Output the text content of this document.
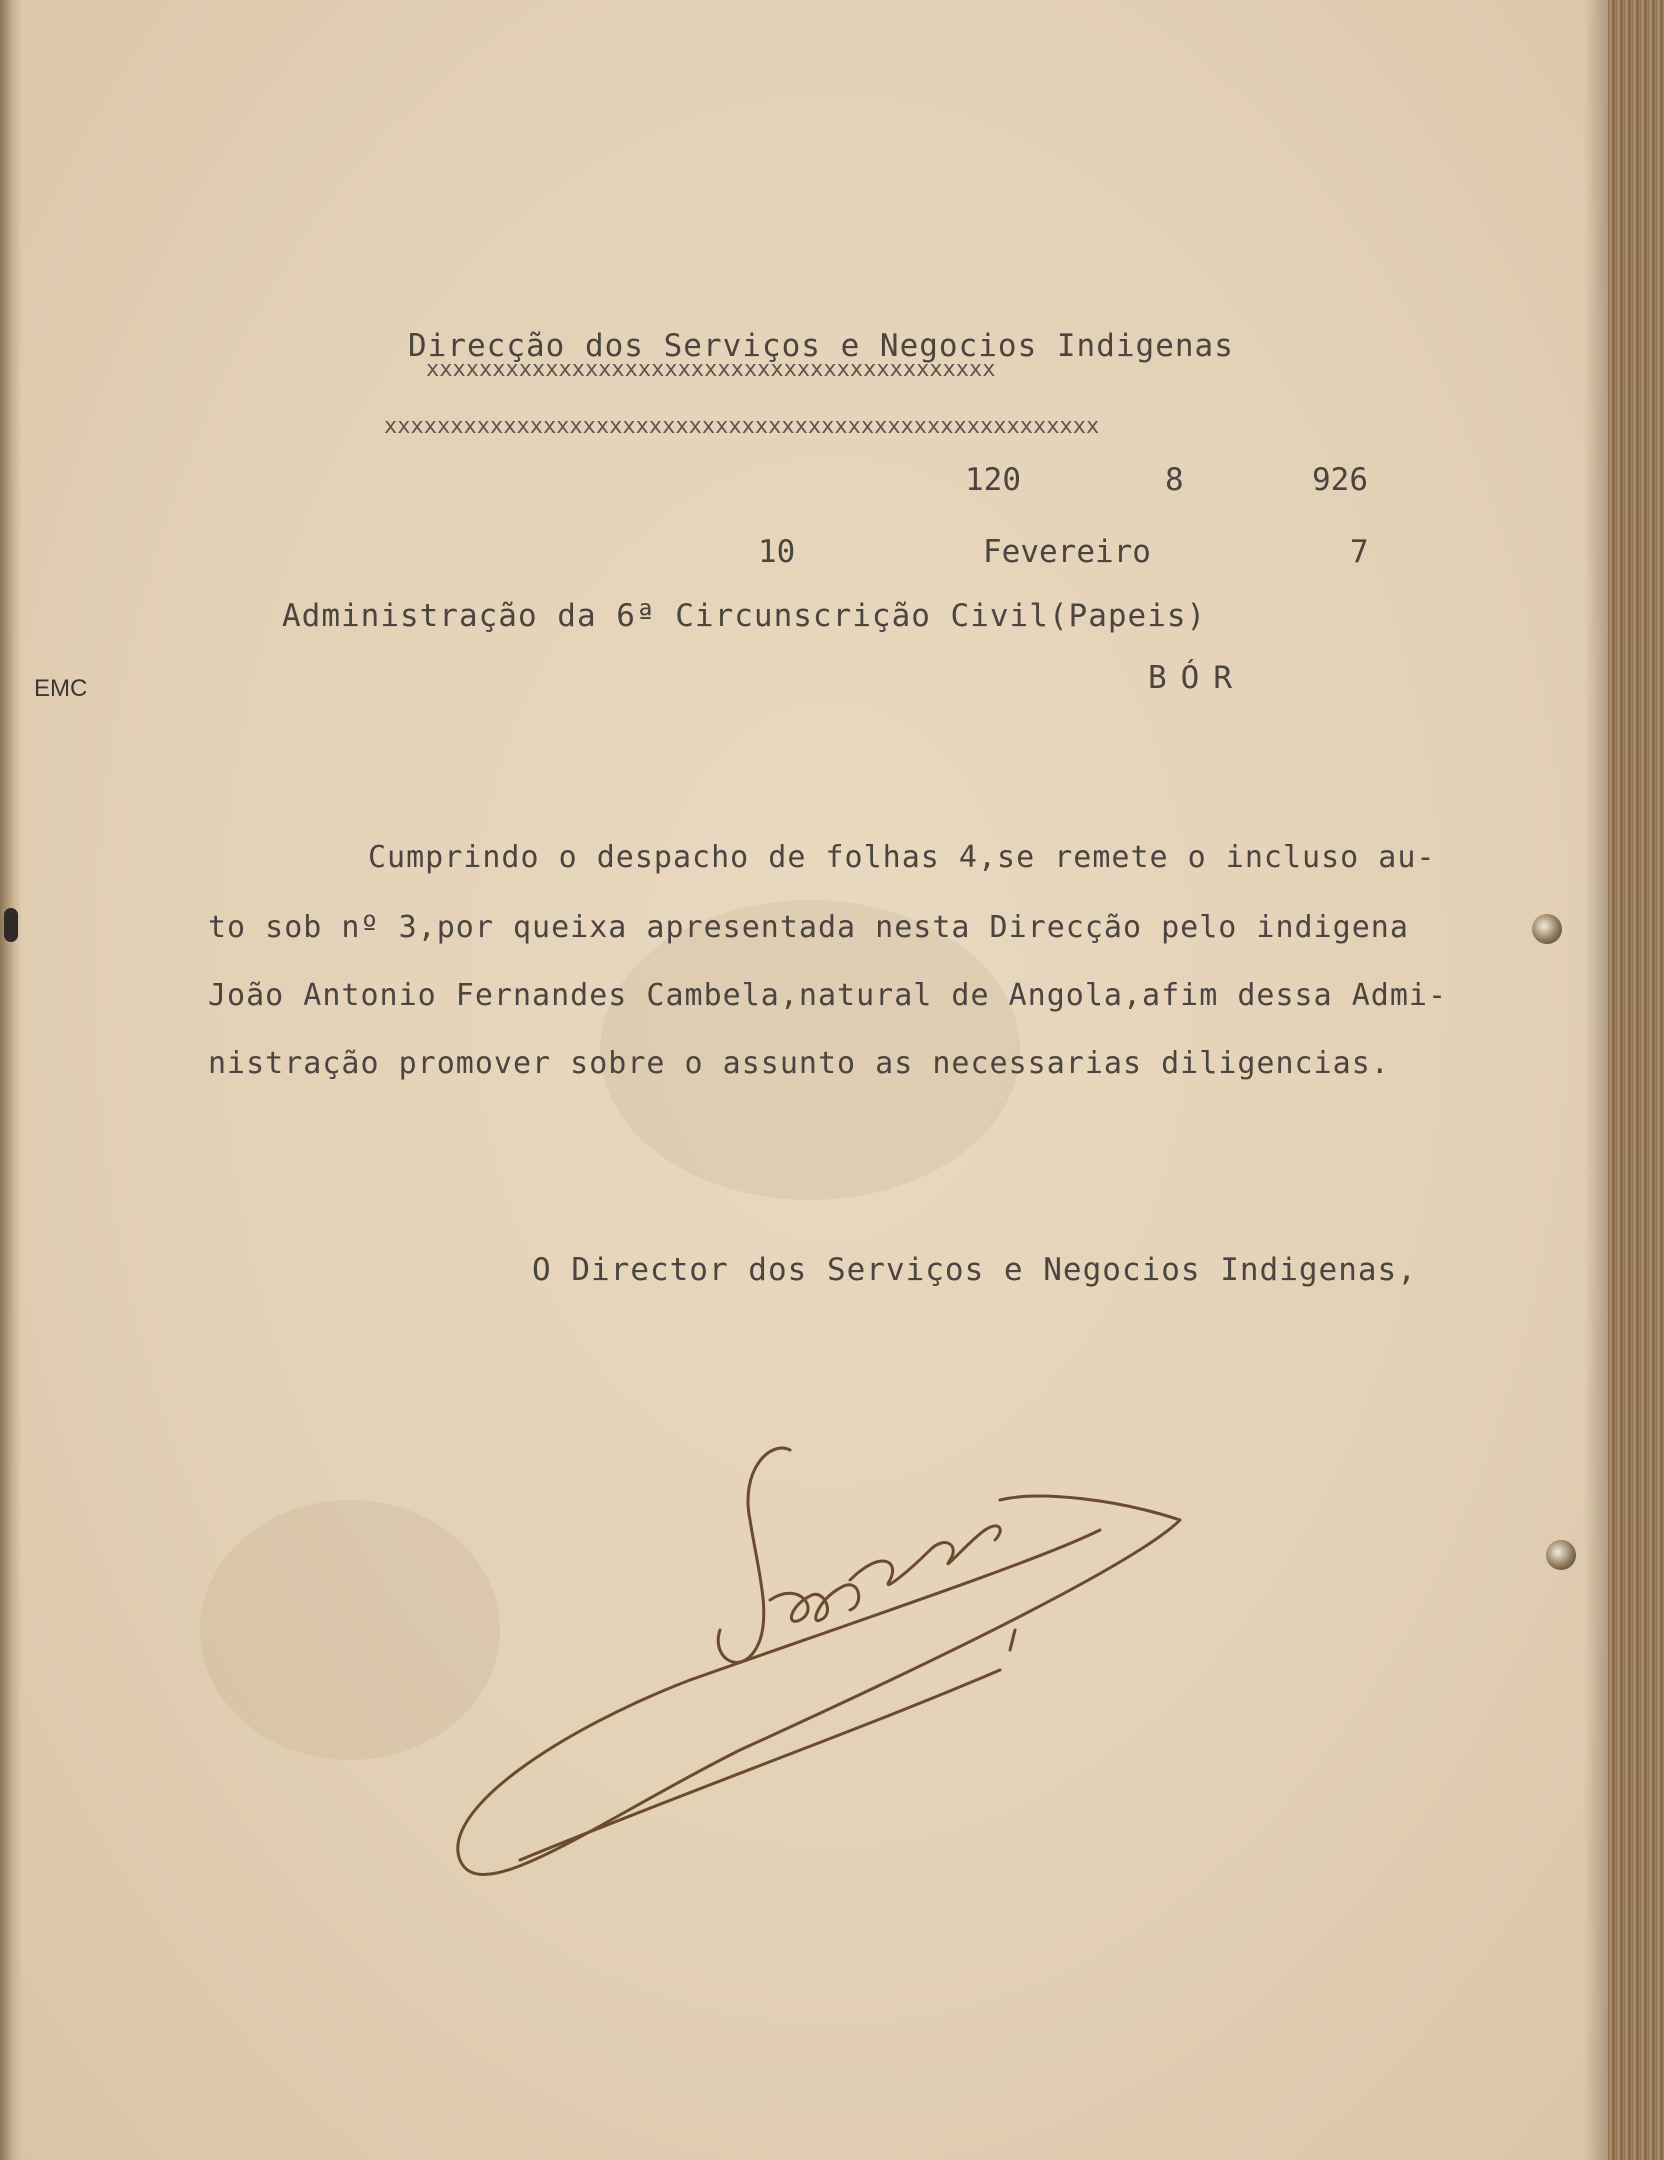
Direcção dos Serviços e Negocios Indigenas
xxxxxxxxxxxxxxxxxxxxxxxxxxxxxxxxxxxxxxxxxxx
xxxxxxxxxxxxxxxxxxxxxxxxxxxxxxxxxxxxxxxxxxxxxxxxxxxxxx
120	8	926
10	Fevereiro	7
Administração da 6ª Circunscrição Civil(Papeis)
BÓR
EMC
Cumprindo o despacho de folhas 4,se remete o incluso au-
to sob nº 3,por queixa apresentada nesta Direcção pelo indigena
João Antonio Fernandes Cambela,natural de Angola,afim dessa Admi-
nistração promover sobre o assunto as necessarias diligencias.
O Director dos Serviços e Negocios Indigenas,
